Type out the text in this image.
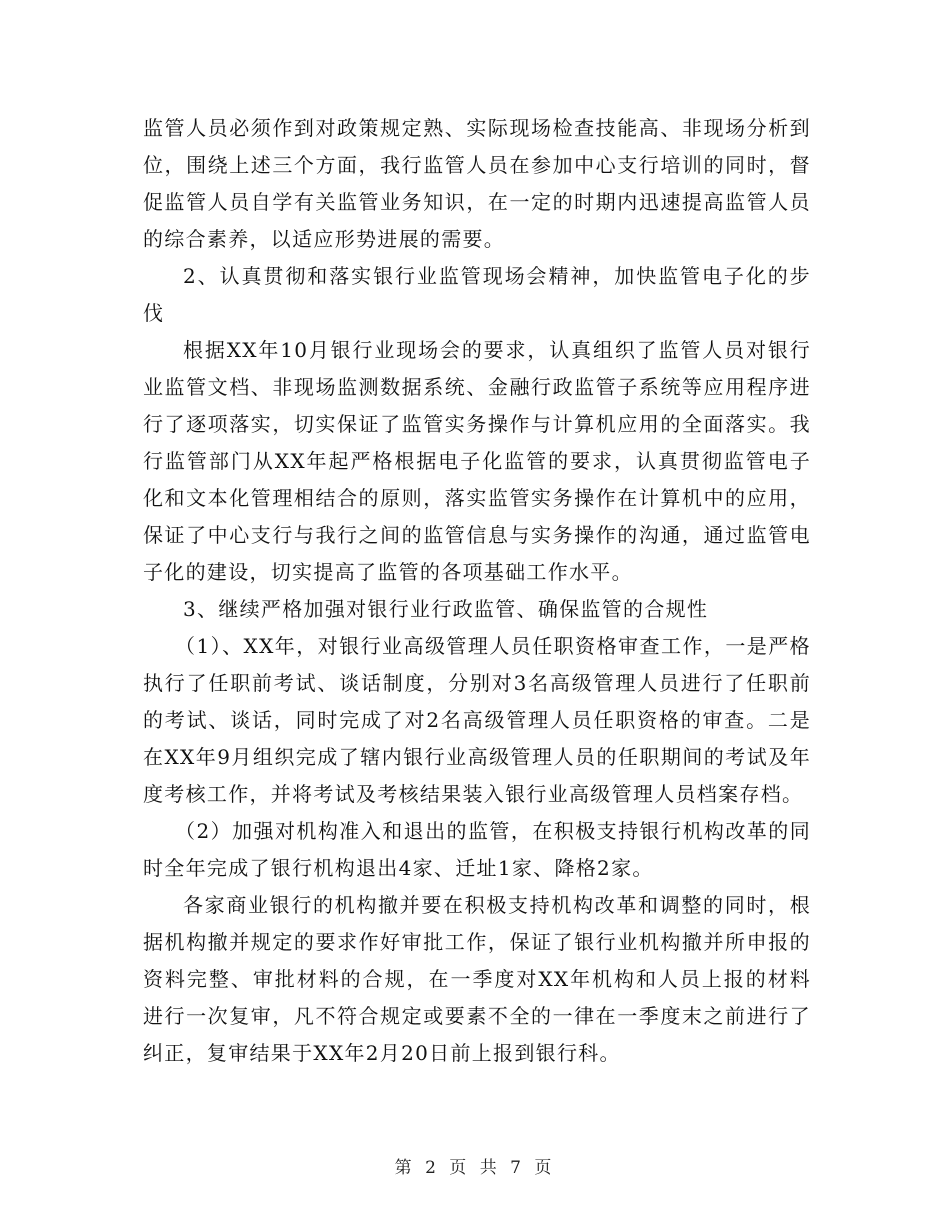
监管人员必须作到对政策规定熟、实际现场检查技能高、非现场分析到位，围绕上述三个方面，我行监管人员在参加中心支行培训的同时，督促监管人员自学有关监管业务知识，在一定的时期内迅速提高监管人员的综合素养，以适应形势进展的需要。

2、认真贯彻和落实银行业监管现场会精神，加快监管电子化的步伐

根据XX年10月银行业现场会的要求，认真组织了监管人员对银行业监管文档、非现场监测数据系统、金融行政监管子系统等应用程序进行了逐项落实，切实保证了监管实务操作与计算机应用的全面落实。我行监管部门从XX年起严格根据电子化监管的要求，认真贯彻监管电子化和文本化管理相结合的原则，落实监管实务操作在计算机中的应用，保证了中心支行与我行之间的监管信息与实务操作的沟通，通过监管电子化的建设，切实提高了监管的各项基础工作水平。

3、继续严格加强对银行业行政监管、确保监管的合规性

（1）、XX年，对银行业高级管理人员任职资格审查工作，一是严格执行了任职前考试、谈话制度，分别对3名高级管理人员进行了任职前的考试、谈话，同时完成了对2名高级管理人员任职资格的审查。二是在XX年9月组织完成了辖内银行业高级管理人员的任职期间的考试及年度考核工作，并将考试及考核结果装入银行业高级管理人员档案存档。

（2）加强对机构准入和退出的监管，在积极支持银行机构改革的同时全年完成了银行机构退出4家、迁址1家、降格2家。

各家商业银行的机构撤并要在积极支持机构改革和调整的同时，根据机构撤并规定的要求作好审批工作，保证了银行业机构撤并所申报的资料完整、审批材料的合规，在一季度对XX年机构和人员上报的材料进行一次复审，凡不符合规定或要素不全的一律在一季度末之前进行了纠正，复审结果于XX年2月20日前上报到银行科。

第 2 页 共 7 页
